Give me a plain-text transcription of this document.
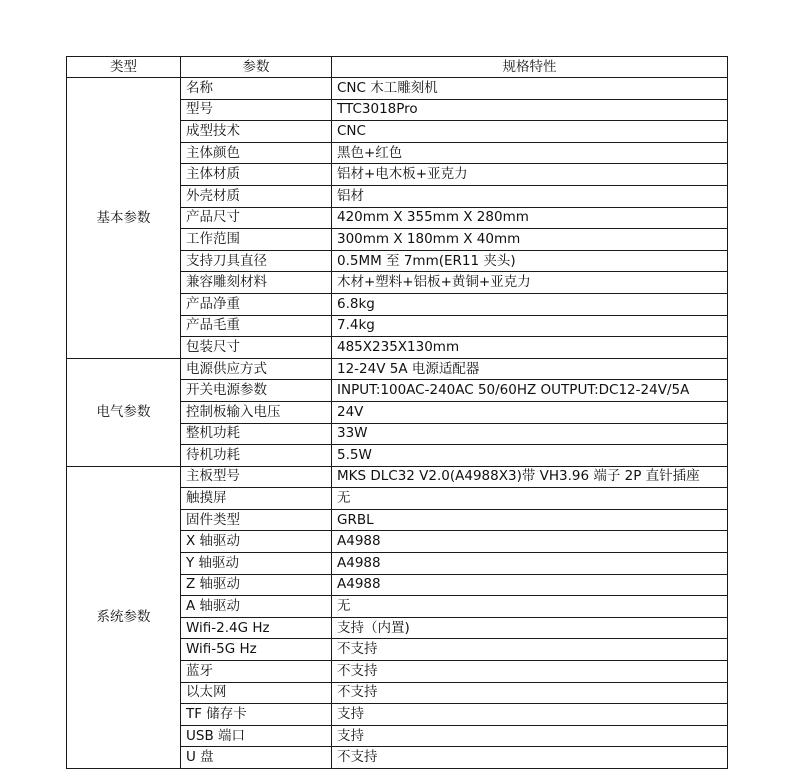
类型	参数	规格特性
基本参数	名称	CNC 木工雕刻机
	型号	TTC3018Pro
	成型技术	CNC
	主体颜色	黑色+红色
	主体材质	铝材+电木板+亚克力
	外壳材质	铝材
	产品尺寸	420mm X 355mm X 280mm
	工作范围	300mm X 180mm X 40mm
	支持刀具直径	0.5MM 至 7mm(ER11 夹头)
	兼容雕刻材料	木材+塑料+铝板+黄铜+亚克力
	产品净重	6.8kg
	产品毛重	7.4kg
	包装尺寸	485X235X130mm
电气参数	电源供应方式	12-24V 5A 电源适配器
	开关电源参数	INPUT:100AC-240AC 50/60HZ OUTPUT:DC12-24V/5A
	控制板输入电压	24V
	整机功耗	33W
	待机功耗	5.5W
系统参数	主板型号	MKS DLC32 V2.0(A4988X3)带 VH3.96 端子 2P 直针插座
	触摸屏	无
	固件类型	GRBL
	X 轴驱动	A4988
	Y 轴驱动	A4988
	Z 轴驱动	A4988
	A 轴驱动	无
	Wifi-2.4G Hz	支持（内置)
	Wifi-5G Hz	不支持
	蓝牙	不支持
	以太网	不支持
	TF 储存卡	支持
	USB 端口	支持
	U 盘	不支持
